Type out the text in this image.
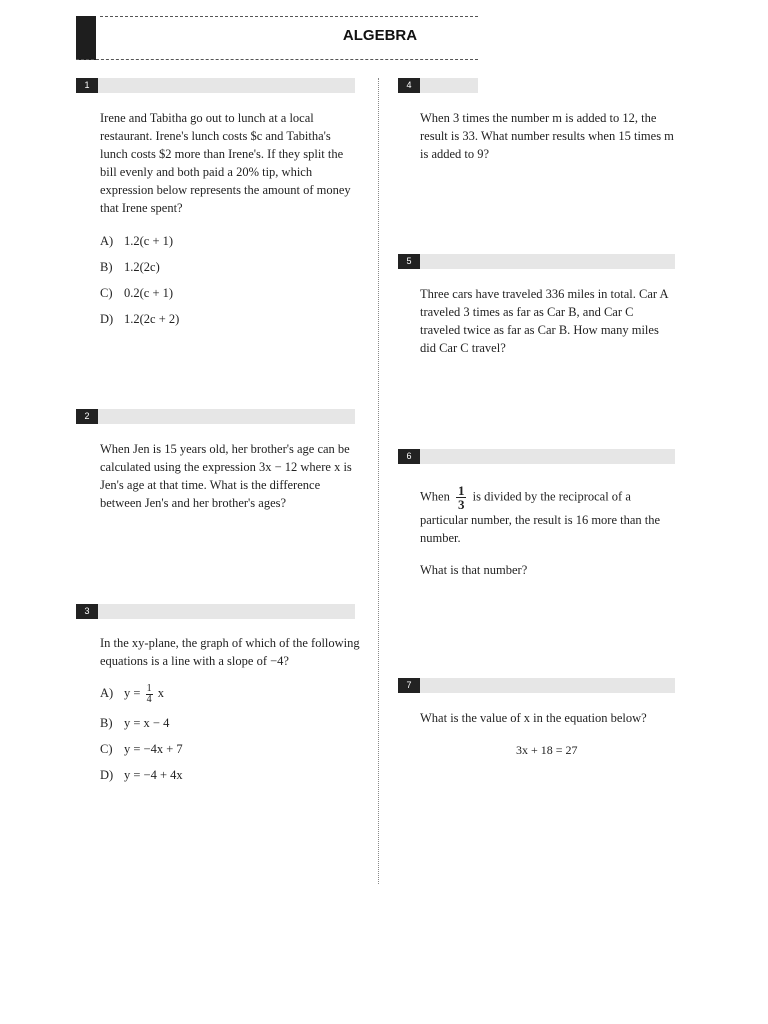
ALGEBRA
1

Irene and Tabitha go out to lunch at a local restaurant. Irene's lunch costs $c and Tabitha's lunch costs $2 more than Irene's. If they split the bill evenly and both paid a 20% tip, which expression below represents the amount of money that Irene spent?

A) 1.2(c + 1)
B) 1.2(2c)
C) 0.2(c + 1)
D) 1.2(2c + 2)
2

When Jen is 15 years old, her brother's age can be calculated using the expression 3x − 12 where x is Jen's age at that time. What is the difference between Jen's and her brother's ages?

3

In the xy-plane, the graph of which of the following equations is a line with a slope of −4?

A) $y = \frac{1}{4}$ x
B) y = x − 4
C) y = −4x + 7
D) y = −4 + 4x
4

When 3 times the number m is added to 12, the result is 33. What number results when 15 times m is added to 9?

5

Three cars have traveled 336 miles in total. Car A traveled 3 times as far as Car B, and Car C traveled twice as far as Car B. How many miles did Car C travel?

6

When $\frac{1}{3}$ is divided by the reciprocal of a particular number, the result is 16 more than the number.

What is that number?

7

What is the value of x in the equation below?

3x + 18 = 27
